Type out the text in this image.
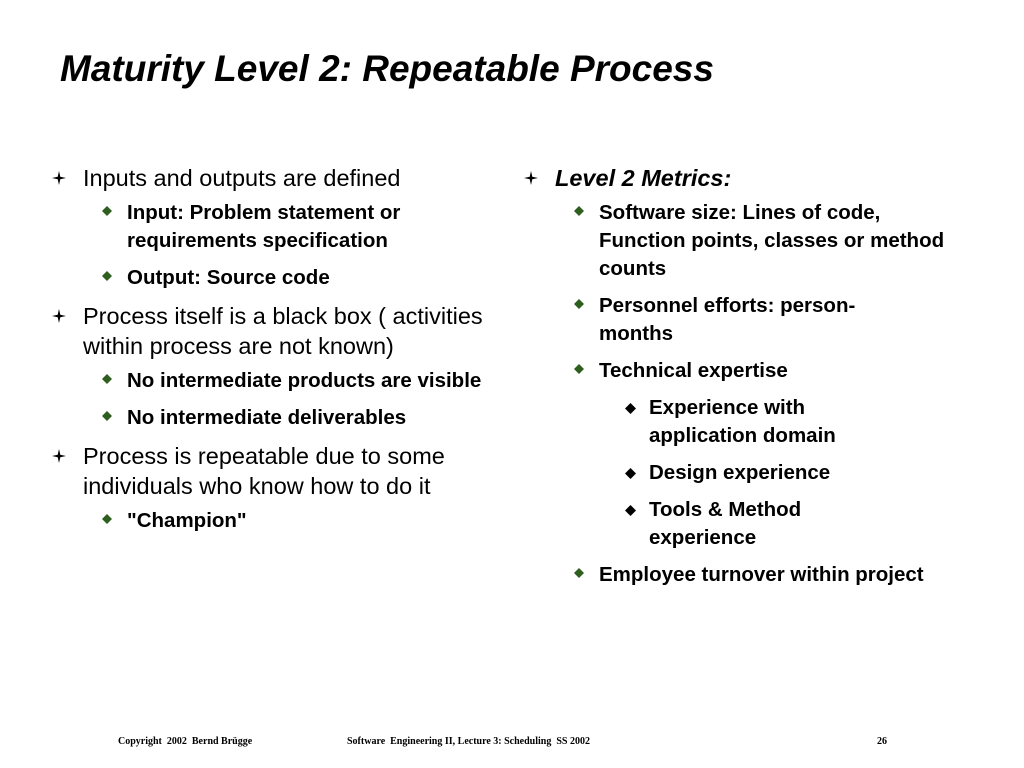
Maturity Level 2: Repeatable Process
Inputs and outputs are defined
Input: Problem statement or requirements specification
Output: Source code
Process itself is a black box ( activities within process are not known)
No intermediate products are visible
No intermediate deliverables
Process is repeatable due to some individuals who know how to do it
"Champion"
Level 2 Metrics:
Software size: Lines of code, Function points, classes or method counts
Personnel efforts: person-months
Technical expertise
Experience with application domain
Design experience
Tools & Method experience
Employee turnover within project
Copyright  2002  Bernd Brügge	Software  Engineering II, Lecture 3: Scheduling  SS 2002	26
